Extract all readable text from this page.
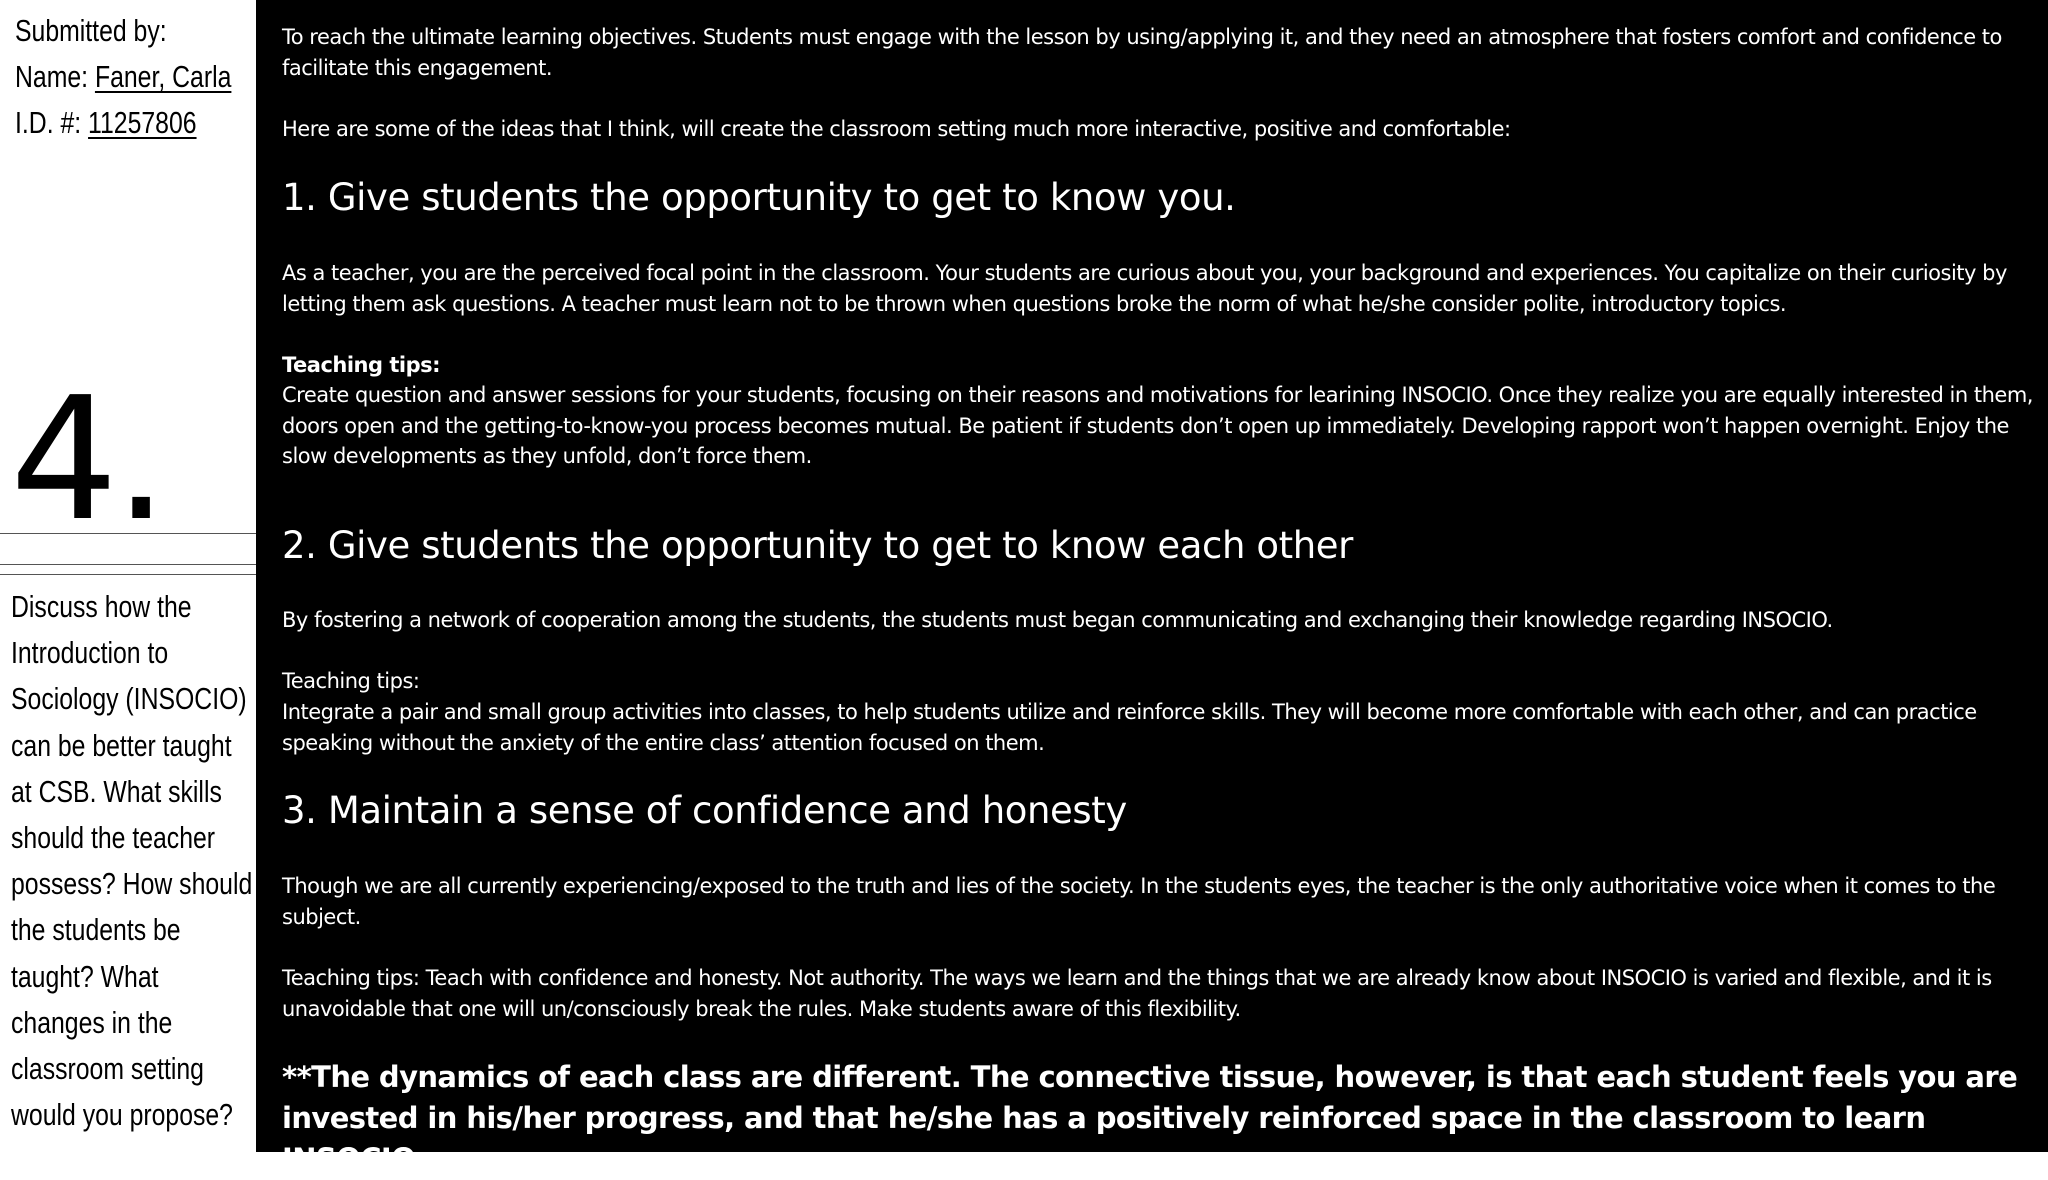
Submitted by:
Name: Faner, Carla
I.D. #: 11257806
4.
Discuss how the Introduction to Sociology (INSOCIO) can be better taught at CSB. What skills should the teacher possess? How should the students be taught? What changes in the classroom setting would you propose?

To reach the ultimate learning objectives. Students must engage with the lesson by using/applying it, and they need an atmosphere that fosters comfort and confidence to facilitate this engagement.

Here are some of the ideas that I think, will create the classroom setting much more interactive, positive and comfortable:

1. Give students the opportunity to get to know you.

As a teacher, you are the perceived focal point in the classroom. Your students are curious about you, your background and experiences. You capitalize on their curiosity by letting them ask questions. A teacher must learn not to be thrown when questions broke the norm of what he/she consider polite, introductory topics.

Teaching tips:

Create question and answer sessions for your students, focusing on their reasons and motivations for learining INSOCIO. Once they realize you are equally interested in them, doors open and the getting-to-know-you process becomes mutual. Be patient if students don’t open up immediately. Developing rapport won’t happen overnight. Enjoy the slow developments as they unfold, don’t force them.

2. Give students the opportunity to get to know each other

By fostering a network of cooperation among the students, the students must began communicating and exchanging their knowledge regarding INSOCIO.

Teaching tips:

Integrate a pair and small group activities into classes, to help students utilize and reinforce skills. They will become more comfortable with each other, and can practice speaking without the anxiety of the entire class’ attention focused on them.

3. Maintain a sense of confidence and honesty

Though we are all currently experiencing/exposed to the truth and lies of the society. In the students eyes, the teacher is the only authoritative voice when it comes to the subject.

Teaching tips: Teach with confidence and honesty. Not authority. The ways we learn and the things that we are already know about INSOCIO is varied and flexible, and it is unavoidable that one will un/consciously break the rules. Make students aware of this flexibility.

**The dynamics of each class are different. The connective tissue, however, is that each student feels you are invested in his/her progress, and that he/she has a positively reinforced space in the classroom to learn INSOCIO.
